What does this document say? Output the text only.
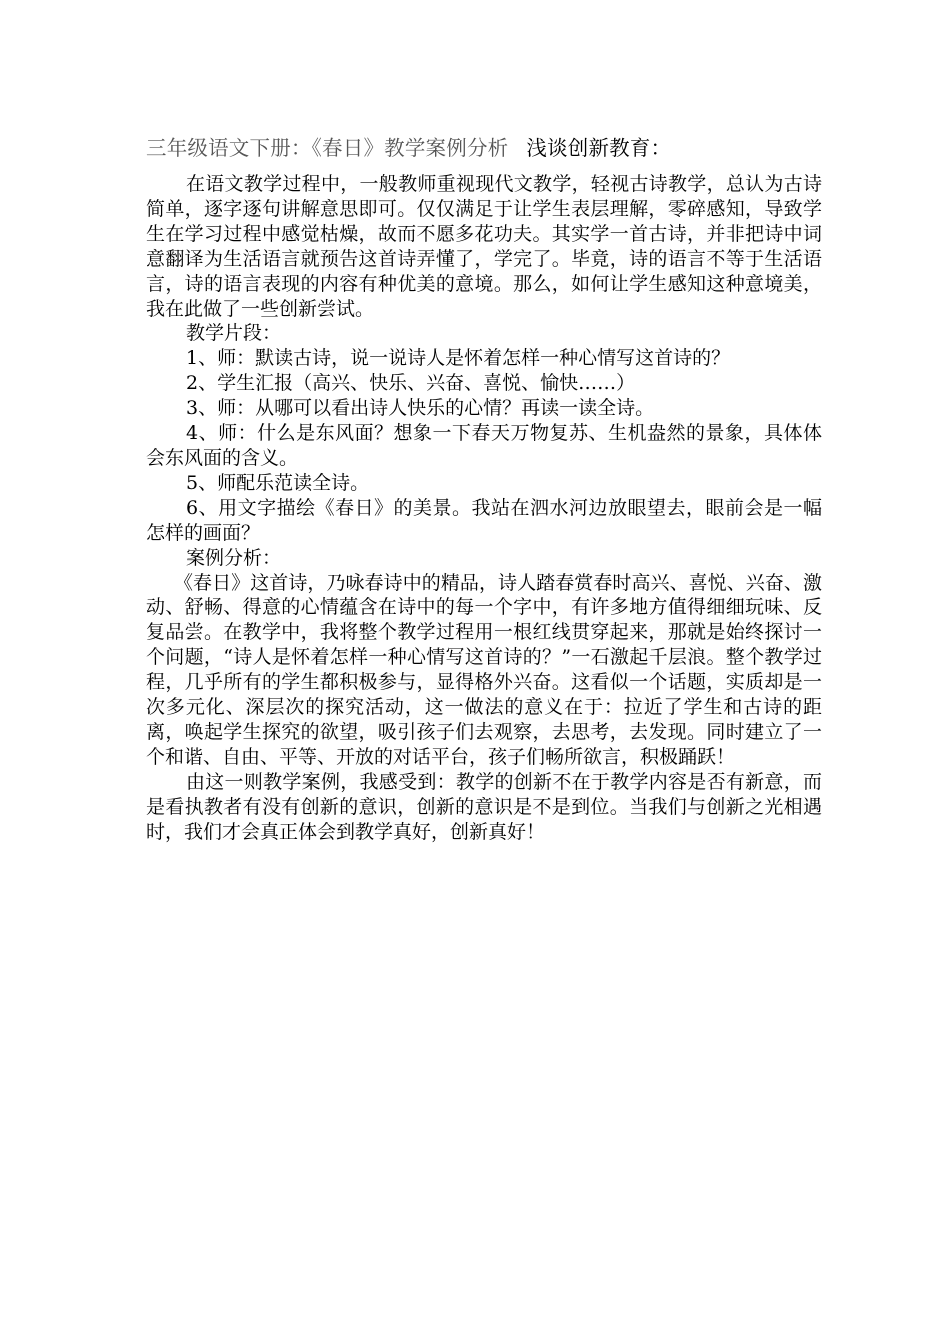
三年级语文下册：《春日》教学案例分析 浅谈创新教育：

在语文教学过程中，一般教师重视现代文教学，轻视古诗教学，总认为古诗简单，逐字逐句讲解意思即可。仅仅满足于让学生表层理解，零碎感知，导致学生在学习过程中感觉枯燥，故而不愿多花功夫。其实学一首古诗，并非把诗中词意翻译为生活语言就预告这首诗弄懂了，学完了。毕竟，诗的语言不等于生活语言，诗的语言表现的内容有种优美的意境。那么，如何让学生感知这种意境美，我在此做了一些创新尝试。

教学片段：

1、师：默读古诗，说一说诗人是怀着怎样一种心情写这首诗的？

2、学生汇报（高兴、快乐、兴奋、喜悦、愉快……）

3、师：从哪可以看出诗人快乐的心情？再读一读全诗。

4、师：什么是东风面？想象一下春天万物复苏、生机盎然的景象，具体体会东风面的含义。

5、师配乐范读全诗。

6、用文字描绘《春日》的美景。我站在泗水河边放眼望去，眼前会是一幅怎样的画面？

案例分析：

《春日》这首诗，乃咏春诗中的精品，诗人踏春赏春时高兴、喜悦、兴奋、激动、舒畅、得意的心情蕴含在诗中的每一个字中，有许多地方值得细细玩味、反复品尝。在教学中，我将整个教学过程用一根红线贯穿起来，那就是始终探讨一个问题，“诗人是怀着怎样一种心情写这首诗的？”一石激起千层浪。整个教学过程，几乎所有的学生都积极参与，显得格外兴奋。这看似一个话题，实质却是一次多元化、深层次的探究活动，这一做法的意义在于：拉近了学生和古诗的距离，唤起学生探究的欲望，吸引孩子们去观察，去思考，去发现。同时建立了一个和谐、自由、平等、开放的对话平台，孩子们畅所欲言，积极踊跃！

由这一则教学案例，我感受到：教学的创新不在于教学内容是否有新意，而是看执教者有没有创新的意识，创新的意识是不是到位。当我们与创新之光相遇时，我们才会真正体会到教学真好，创新真好！
